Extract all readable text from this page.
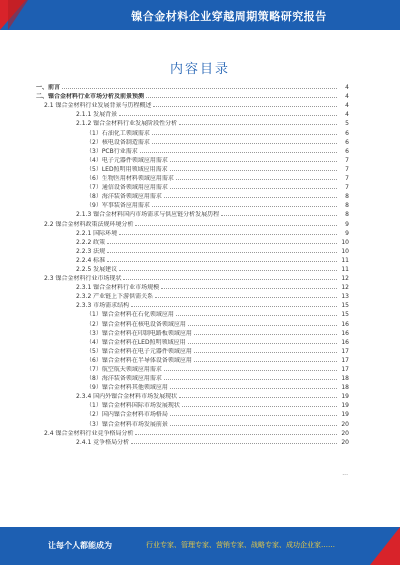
镍合金材料企业穿越周期策略研究报告
内容目录
一、前言	4
二、镍合金材料行业市场分析及前景预测	4
2.1 镍合金材料行业发展背景与历程概述	4
2.1.1 发展背景	4
2.1.2 镍合金材料行业发展阶段性分析	5
（1）石油化工领域需求	6
（2）核电设备制造需求	6
（3）PCB行业需求	6
（4）电子元器件领域应用需求	7
（5）LED照明用领域应用需求	7
（6）生物医用材料领域应用需求	7
（7）通信设备领域用应用需求	7
（8）海洋装备领域应用需求	8
（9）军事装备应用需求	8
2.1.3 镍合金材料国内市场需求与供应链分析发展历程	8
2.2 镍合金材料政策法规环境分析	9
2.2.1 国际环境	9
2.2.2 政策	10
2.2.3 法规	10
2.2.4 标准	11
2.2.5 发展建议	11
2.3 镍合金材料行业市场现状	12
2.3.1 镍合金材料行业市场规模	12
2.3.2 产业链上下游供需关系	13
2.3.3 市场需求结构	15
（1）镍合金材料在石化领域应用	15
（2）镍合金材料在核电设备领域应用	16
（3）镍合金材料在印制电路板领域应用	16
（4）镍合金材料在LED照明领域应用	16
（5）镍合金材料在电子元器件领域应用	17
（6）镍合金材料在半导体设备领域应用	17
（7）航空航天领域应用需求	17
（8）海洋装备领域应用需求	18
（9）镍合金材料其他领域应用	18
2.3.4 国内外镍合金材料市场发展现状	19
（1）镍合金材料国际市场发展现状	19
（2）国内镍合金材料市场格局	19
（3）镍合金材料市场发展前景	20
2.4 镍合金材料行业竞争格局分析	20
2.4.1 竞争格局分析	20
...
让每个人都能成为	行业专家、管理专家、营销专家、战略专家、成功企业家……
